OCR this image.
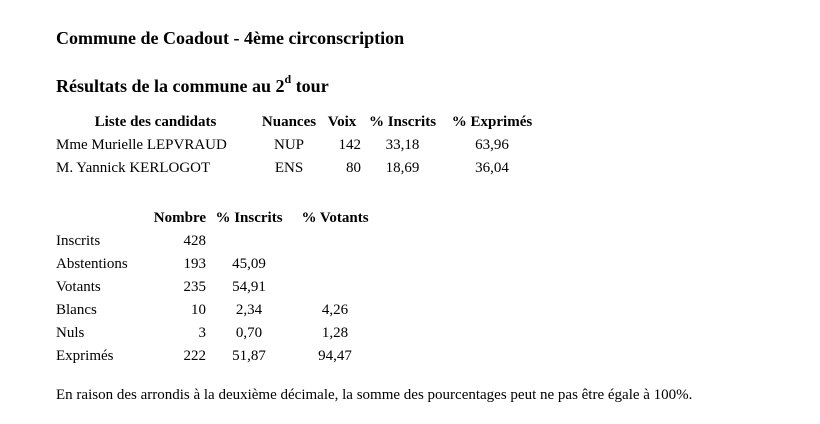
Commune de Coadout - 4ème circonscription
Résultats de la commune au 2$^d$ tour
Liste des candidats	Nuances	Voix	% Inscrits	% Exprimés
Mme Murielle LEPVRAUD	NUP	142	33,18	63,96
M. Yannick KERLOGOT	ENS	80	18,69	36,04
	Nombre	% Inscrits	% Votants
Inscrits	428		
Abstentions	193	45,09	
Votants	235	54,91	
Blancs	10	2,34	4,26
Nuls	3	0,70	1,28
Exprimés	222	51,87	94,47
En raison des arrondis à la deuxième décimale, la somme des pourcentages peut ne pas être égale à 100%.
